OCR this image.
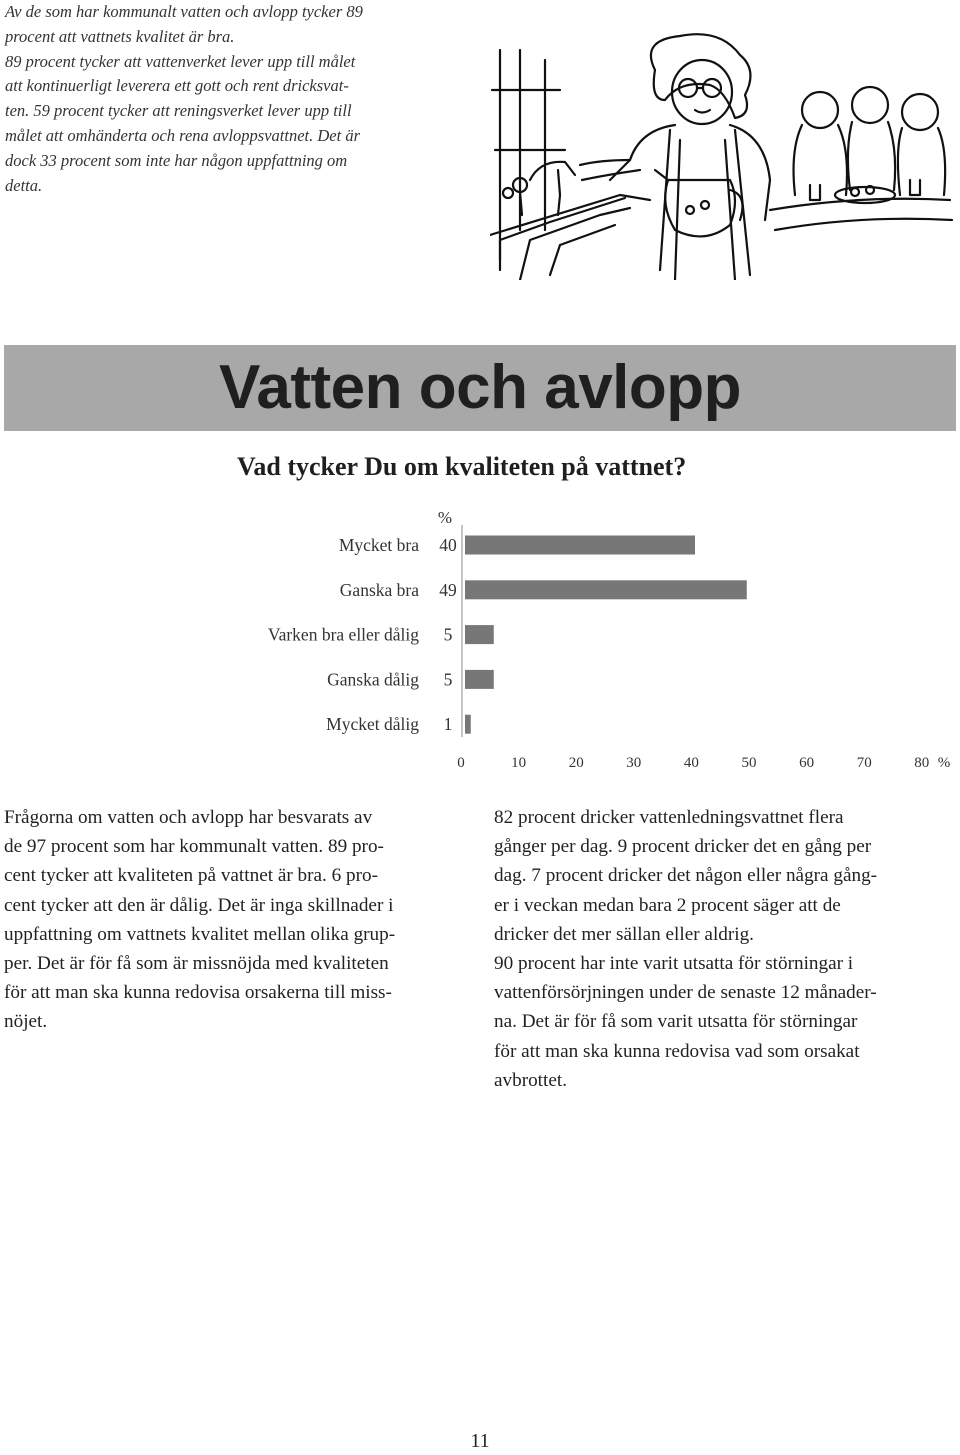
Av de som har kommunalt vatten och avlopp tycker 89
procent att vattnets kvalitet är bra.
89 procent tycker att vattenverket lever upp till målet
att kontinuerligt leverera ett gott och rent dricksvat-
ten. 59 procent tycker att reningsverket lever upp till
målet att omhänderta och rena avloppsvattnet. Det är
dock 33 procent som inte har någon uppfattning om
detta.
Vatten och avlopp
Vad tycker Du om kvaliteten på vattnet?
%
Mycket bra 40
Ganska bra 49
Varken bra eller dålig 5
Ganska dålig 5
Mycket dålig 1
0	10	20	30	40	50	60	70	80 %
Frågorna om vatten och avlopp har besvarats av
de 97 procent som har kommunalt vatten. 89 pro-
cent tycker att kvaliteten på vattnet är bra. 6 pro-
cent tycker att den är dålig. Det är inga skillnader i
uppfattning om vattnets kvalitet mellan olika grup-
per. Det är för få som är missnöjda med kvaliteten
för att man ska kunna redovisa orsakerna till miss-
nöjet.
82 procent dricker vattenledningsvattnet flera
gånger per dag. 9 procent dricker det en gång per
dag. 7 procent dricker det någon eller några gång-
er i veckan medan bara 2 procent säger att de
dricker det mer sällan eller aldrig.
90 procent har inte varit utsatta för störningar i
vattenförsörjningen under de senaste 12 månader-
na. Det är för få som varit utsatta för störningar
för att man ska kunna redovisa vad som orsakat
avbrottet.
11
